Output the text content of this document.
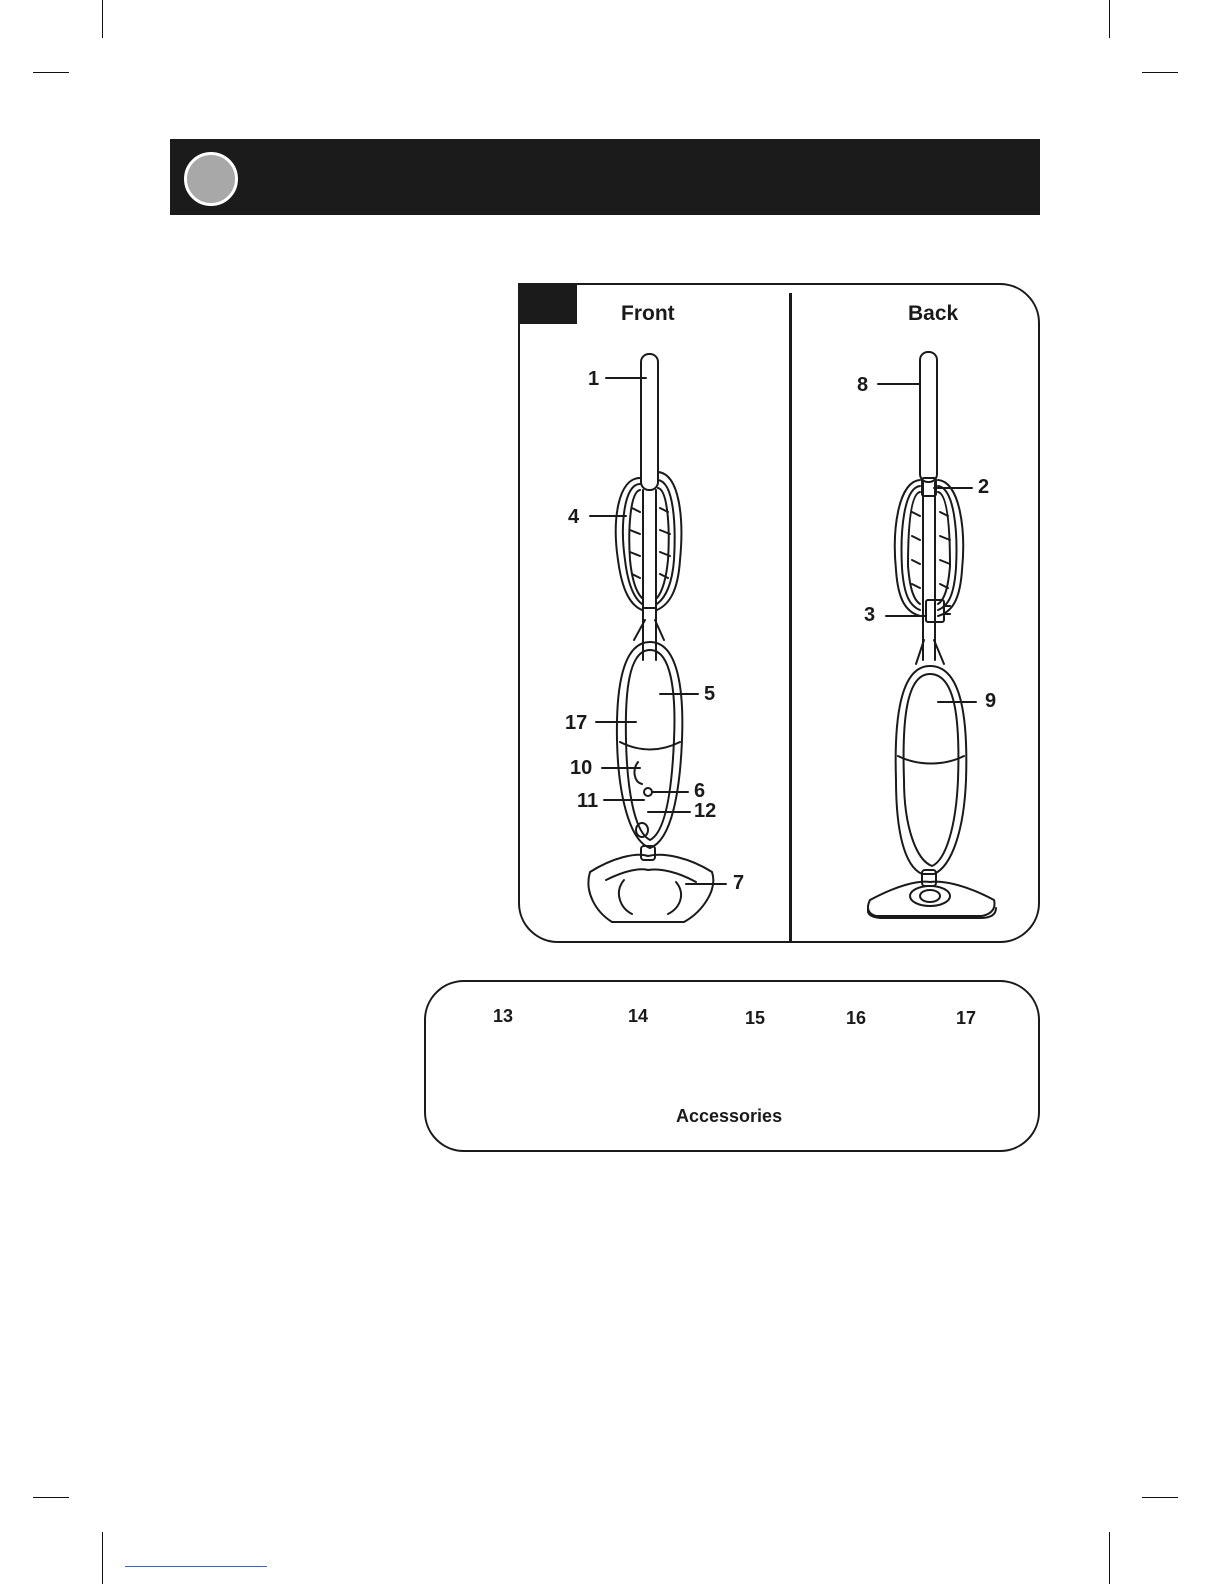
Front	Back
1
4
5
17
10
6
11	12
7
8
2
3
9
13	14	15	16	17
Accessories
